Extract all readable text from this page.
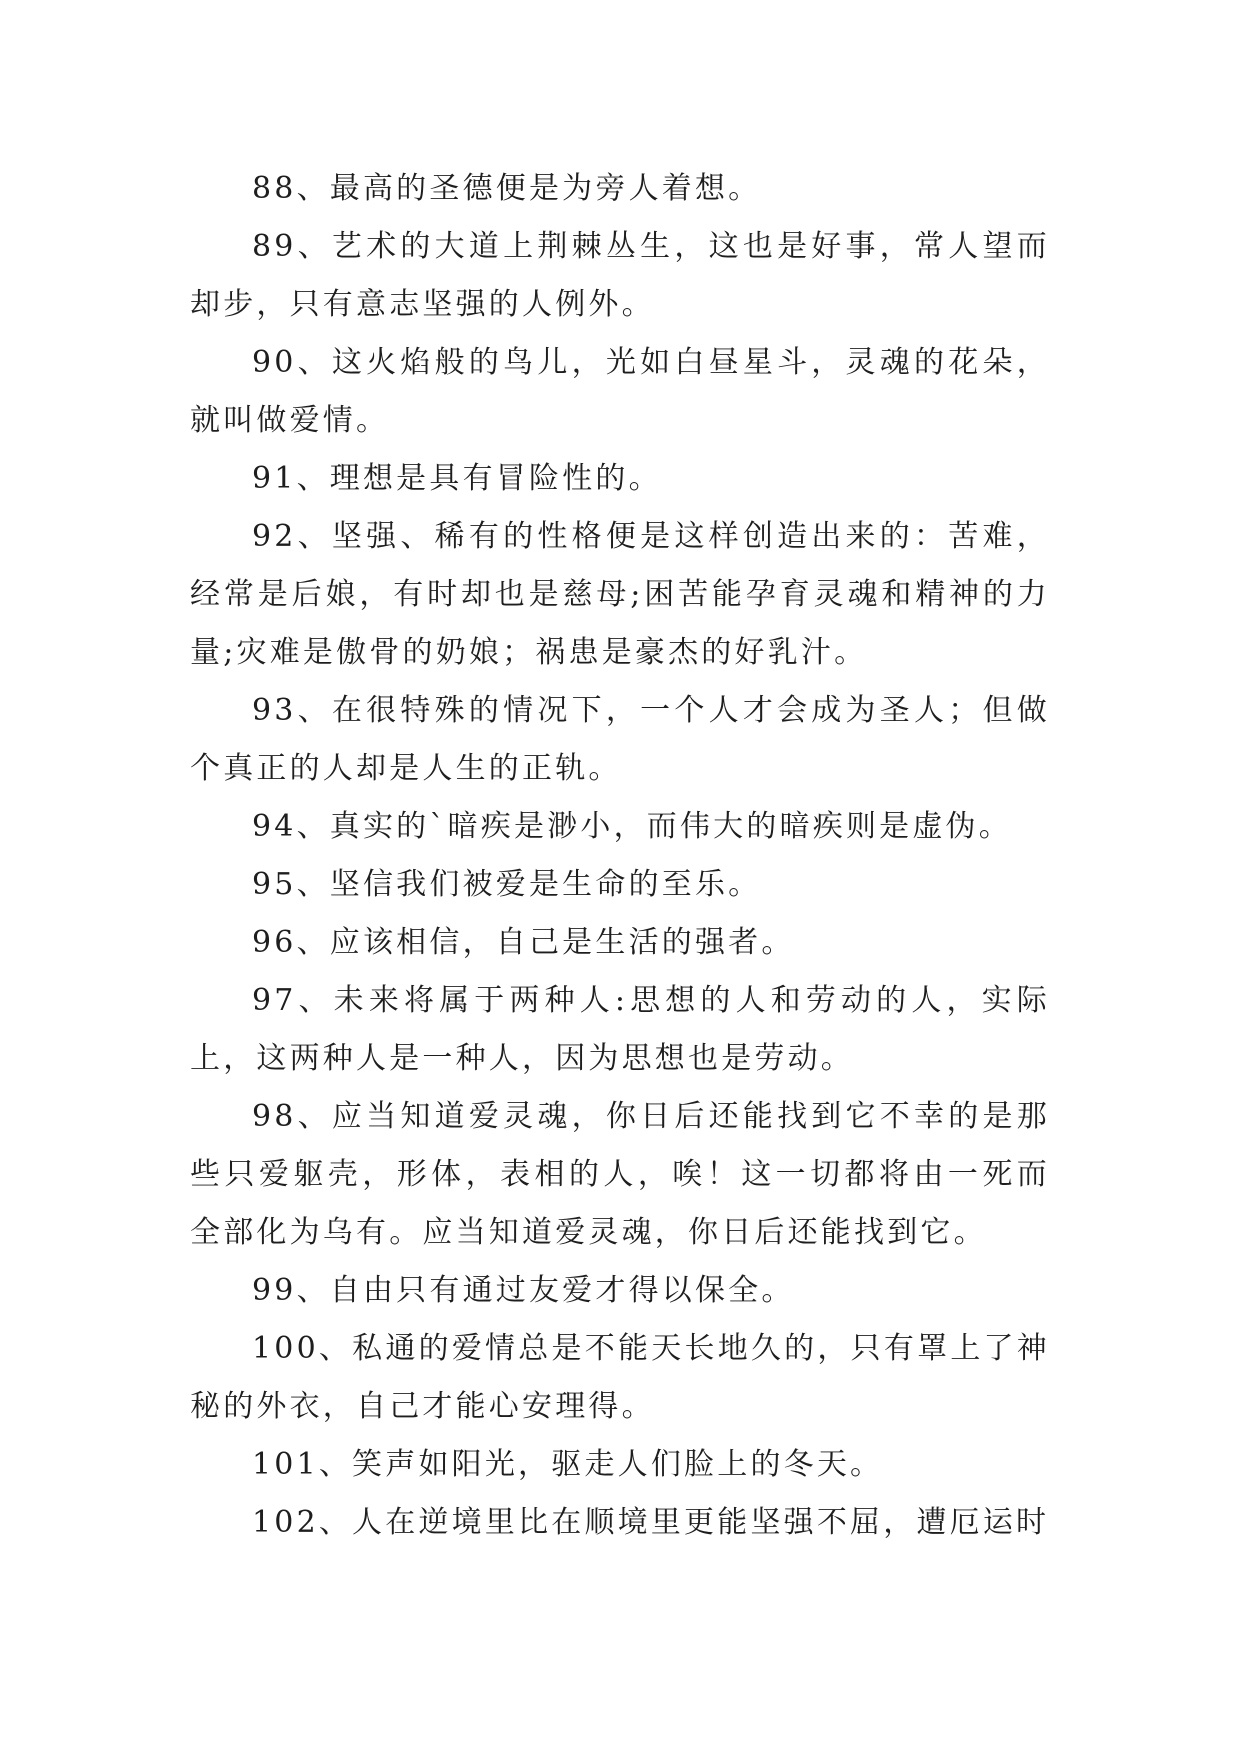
88、最高的圣德便是为旁人着想。

89、艺术的大道上荆棘丛生，这也是好事，常人望而却步，只有意志坚强的人例外。

90、这火焰般的鸟儿，光如白昼星斗，灵魂的花朵，就叫做爱情。

91、理想是具有冒险性的。

92、坚强、稀有的性格便是这样创造出来的：苦难，经常是后娘，有时却也是慈母;困苦能孕育灵魂和精神的力量;灾难是傲骨的奶娘；祸患是豪杰的好乳汁。

93、在很特殊的情况下，一个人才会成为圣人；但做个真正的人却是人生的正轨。

94、真实的`暗疾是渺小，而伟大的暗疾则是虚伪。

95、坚信我们被爱是生命的至乐。

96、应该相信，自己是生活的强者。

97、未来将属于两种人:思想的人和劳动的人，实际上，这两种人是一种人，因为思想也是劳动。

98、应当知道爱灵魂，你日后还能找到它不幸的是那些只爱躯壳，形体，表相的人，唉！这一切都将由一死而全部化为乌有。应当知道爱灵魂，你日后还能找到它。

99、自由只有通过友爱才得以保全。

100、私通的爱情总是不能天长地久的，只有罩上了神秘的外衣，自己才能心安理得。

101、笑声如阳光，驱走人们脸上的冬天。

102、人在逆境里比在顺境里更能坚强不屈，遭厄运时
